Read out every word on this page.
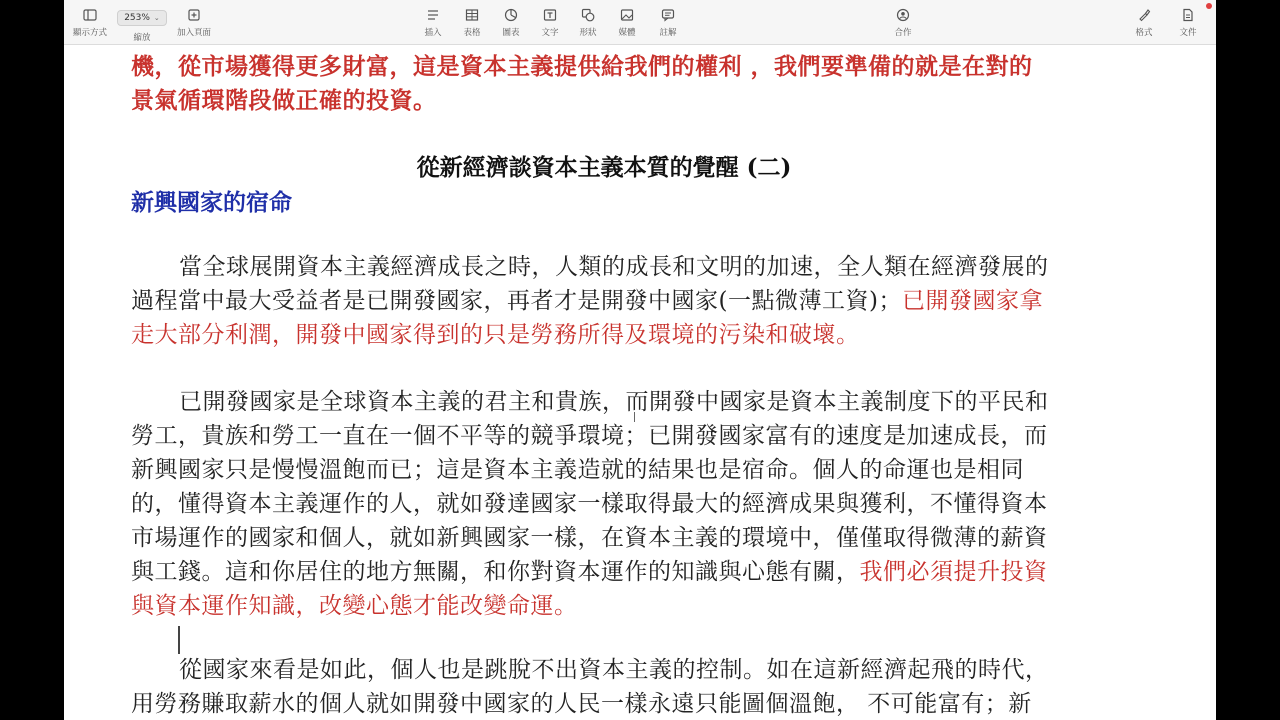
顯示方式
253% ⌄
縮放	加入頁面	插入	表格	圖表	文字 形狀	媒體	註解	合作	格式	文件
機，從市場獲得更多財富，這是資本主義提供給我們的權利 ，我們要準備的就是在對的
景氣循環階段做正確的投資。
從新經濟談資本主義本質的覺醒 (二)
新興國家的宿命
當全球展開資本主義經濟成長之時，人類的成長和文明的加速，全人類在經濟發展的
過程當中最大受益者是已開發國家，再者才是開發中國家(一點微薄工資)；已開發國家拿
走大部分利潤，開發中國家得到的只是勞務所得及環境的污染和破壞。
已開發國家是全球資本主義的君主和貴族，而開發中國家是資本主義制度下的平民和
勞工，貴族和勞工一直在一個不平等的競爭環境；已開發國家富有的速度是加速成長，而
新興國家只是慢慢溫飽而已；這是資本主義造就的結果也是宿命。個人的命運也是相同
的，懂得資本主義運作的人，就如發達國家一樣取得最大的經濟成果與獲利，不懂得資本
市場運作的國家和個人，就如新興國家一樣，在資本主義的環境中，僅僅取得微薄的薪資
與工錢。這和你居住的地方無關，和你對資本運作的知識與心態有關，我們必須提升投資
與資本運作知識，改變心態才能改變命運。
從國家來看是如此，個人也是跳脫不出資本主義的控制。如在這新經濟起飛的時代，
用勞務賺取薪水的個人就如開發中國家的人民一樣永遠只能圖個溫飽， 不可能富有；新
